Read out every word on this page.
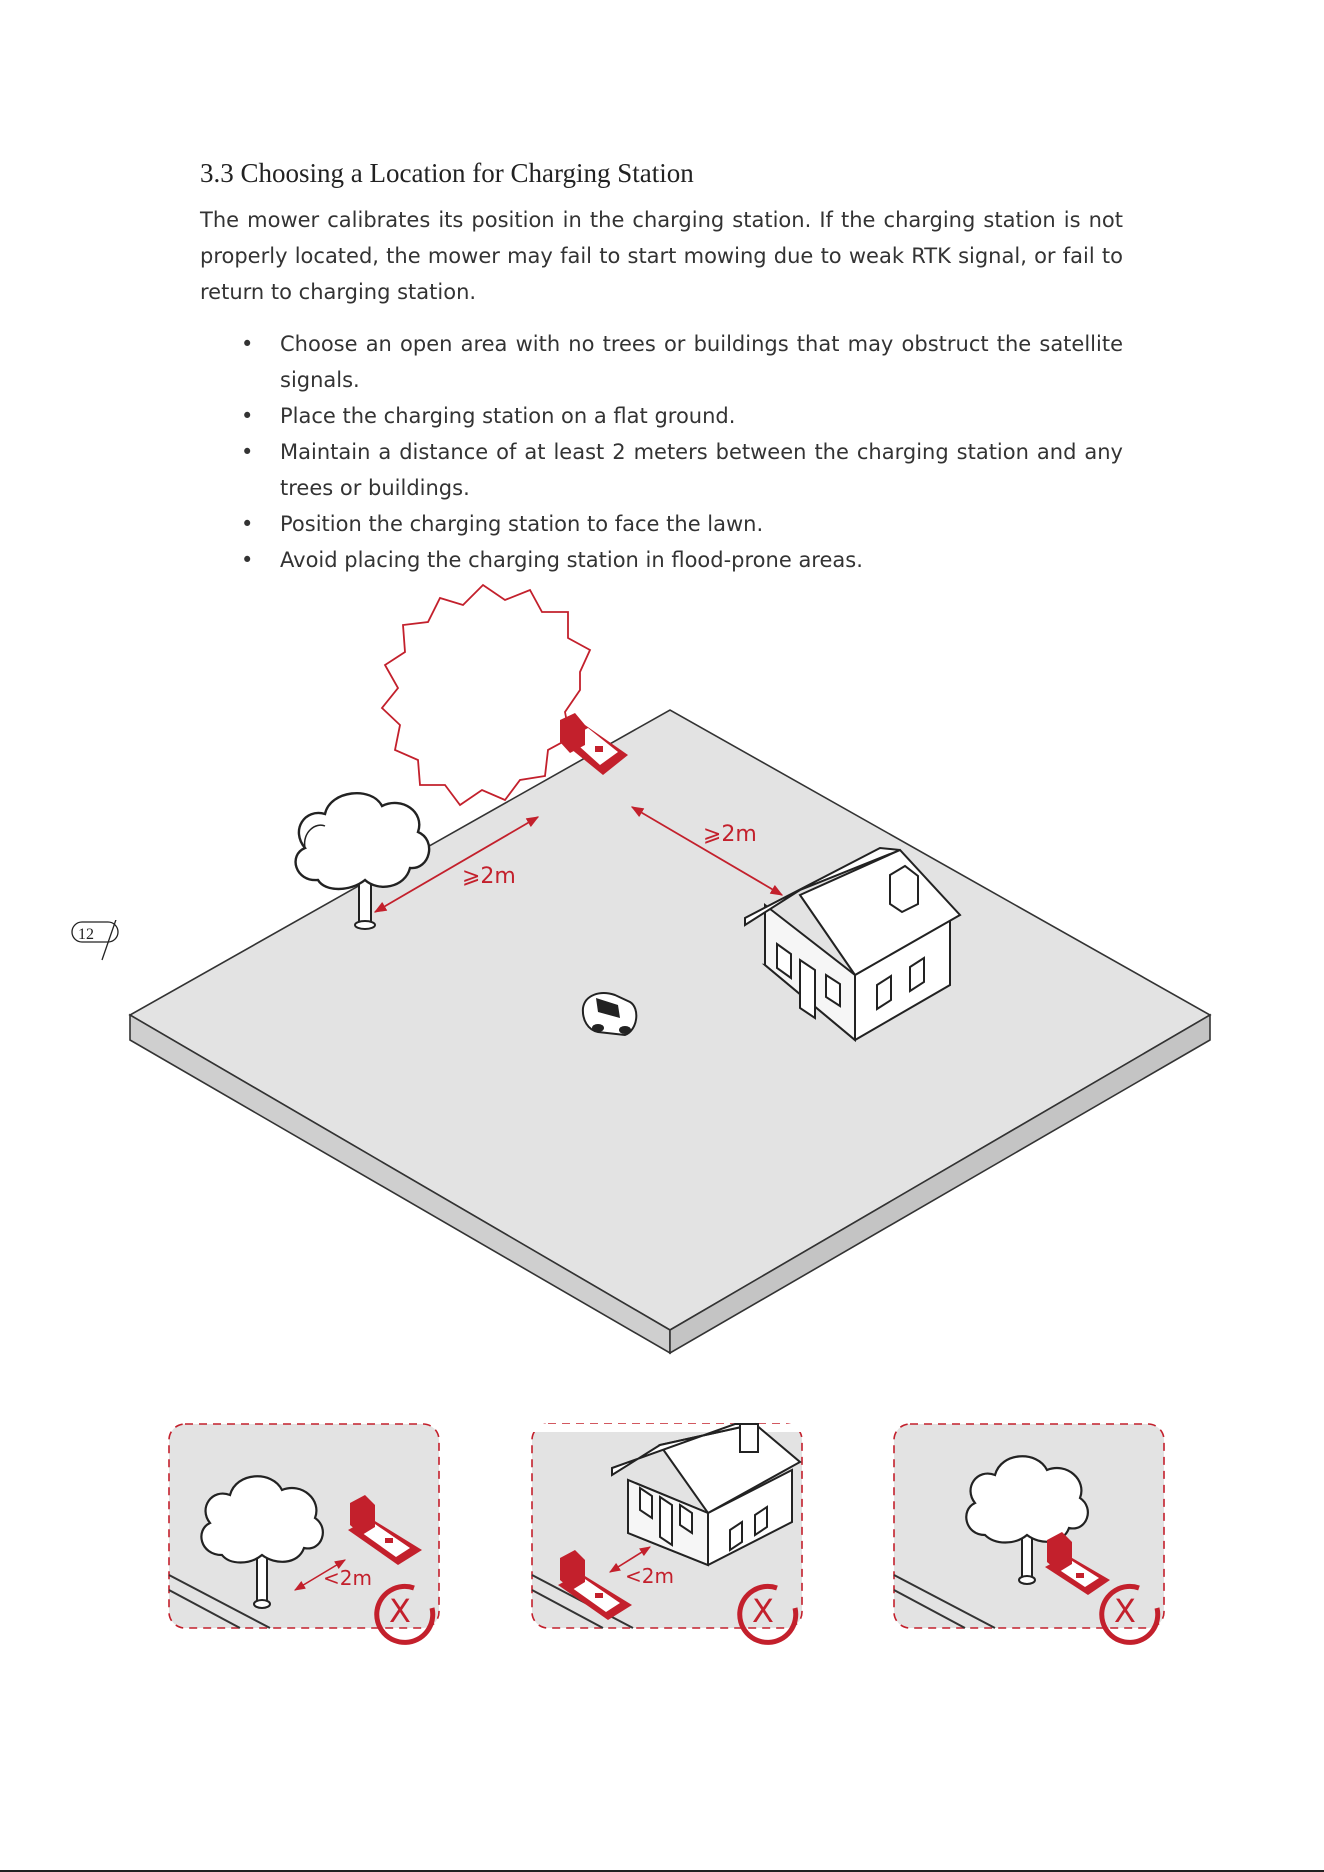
3.3 Choosing a Location for Charging Station

The mower calibrates its position in the charging station. If the charging station is not properly located, the mower may fail to start mowing due to weak RTK signal, or fail to return to charging station.

• Choose an open area with no trees or buildings that may obstruct the satellite signals.
• Place the charging station on a flat ground.
• Maintain a distance of at least 2 meters between the charging station and any trees or buildings.
• Position the charging station to face the lawn.
• Avoid placing the charging station in flood-prone areas.
12
⩾2m
⩾2m
<2m
X
<2m
X	X
